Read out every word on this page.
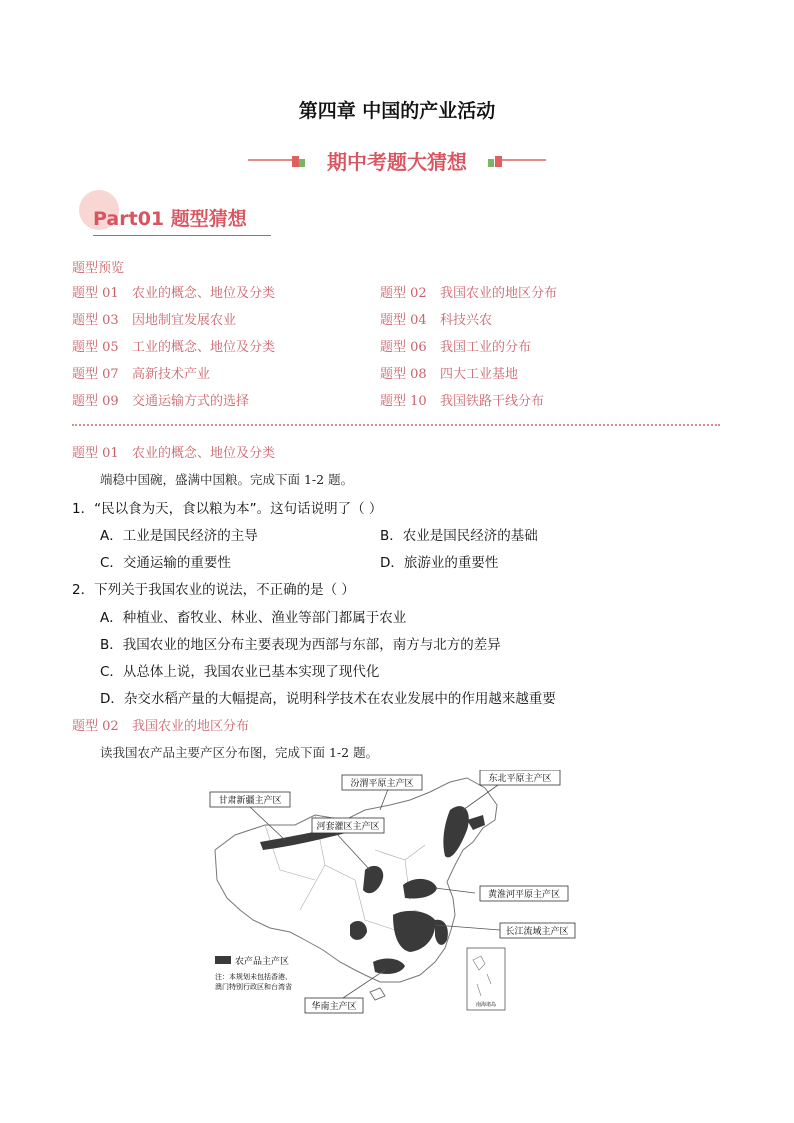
第四章 中国的产业活动
期中考题大猜想
Part01 题型猜想
题型预览
题型 01 农业的概念、地位及分类	题型 02 我国农业的地区分布
题型 03 因地制宜发展农业	题型 04 科技兴农
题型 05 工业的概念、地位及分类	题型 06 我国工业的分布
题型 07 高新技术产业	题型 08 四大工业基地
题型 09 交通运输方式的选择	题型 10 我国铁路干线分布
题型 01 农业的概念、地位及分类
端稳中国碗，盛满中国粮。完成下面 1-2 题。
1．“民以食为天，食以粮为本”。这句话说明了（ ）
A．工业是国民经济的主导	B．农业是国民经济的基础
C．交通运输的重要性	D．旅游业的重要性
2．下列关于我国农业的说法，不正确的是（ ）
A．种植业、畜牧业、林业、渔业等部门都属于农业
B．我国农业的地区分布主要表现为西部与东部，南方与北方的差异
C．从总体上说，我国农业已基本实现了现代化
D．杂交水稻产量的大幅提高，说明科学技术在农业发展中的作用越来越重要
题型 02 我国农业的地区分布
读我国农产品主要产区分布图，完成下面 1-2 题。
甘肃新疆主产区
汾渭平原主产区	东北平原主产区
河套灌区主产区
黄淮河平原主产区
长江流域主产区
华南主产区
农产品主产区
注：本规划未包括香港、
澳门特别行政区和台湾省
南海诸岛
